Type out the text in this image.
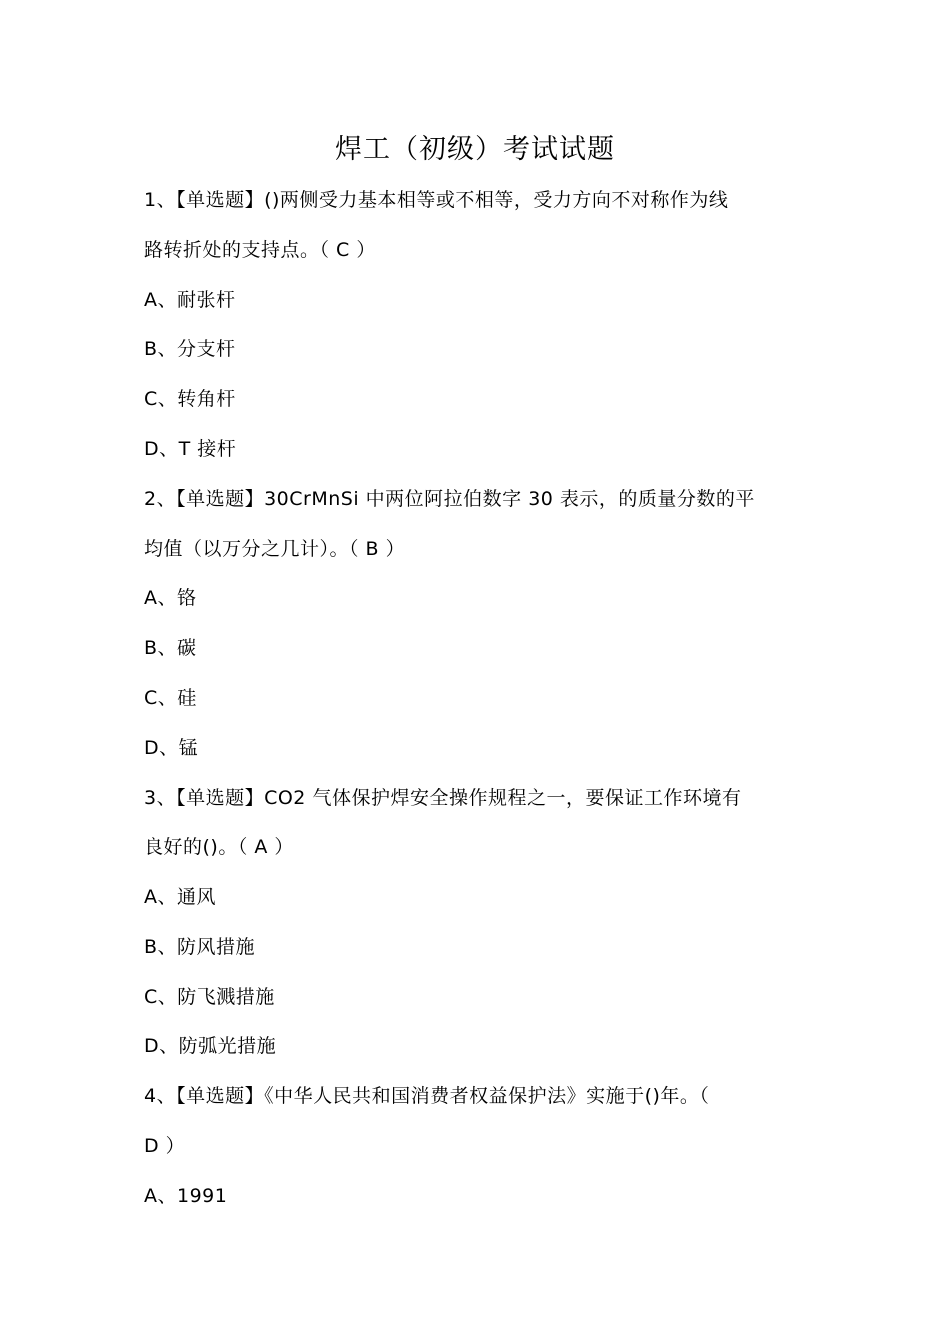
焊工（初级）考试试题
1、【单选题】()两侧受力基本相等或不相等，受力方向不对称作为线
路转折处的支持点。（ C ）
A、耐张杆
B、分支杆
C、转角杆
D、T 接杆
2、【单选题】30CrMnSi 中两位阿拉伯数字 30 表示，的质量分数的平
均值（以万分之几计）。（ B ）
A、铬
B、碳
C、硅
D、锰
3、【单选题】CO2 气体保护焊安全操作规程之一，要保证工作环境有
良好的()。（ A ）
A、通风
B、防风措施
C、防飞溅措施
D、防弧光措施
4、【单选题】《中华人民共和国消费者权益保护法》实施于()年。（
D ）
A、1991
